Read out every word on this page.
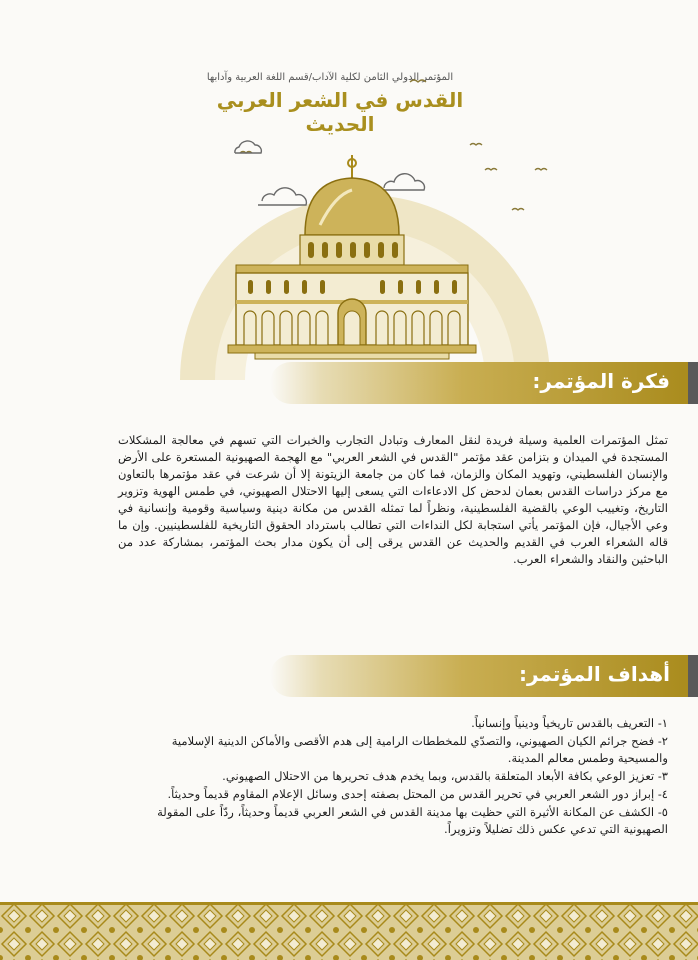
المؤتمر الدولي الثامن لكلية الآداب/قسم اللغة العربية وآدابها
القدس في الشعر العربي الحديث
فكرة المؤتمر:

تمثل المؤتمرات العلمية وسيلة فريدة لنقل المعارف وتبادل التجارب والخبرات التي تسهم في معالجة المشكلات المستجدة في الميدان و بتزامن عقد مؤتمر "القدس في الشعر العربي" مع الهجمة الصهيونية المستعرة على الأرض والإنسان الفلسطيني، وتهويد المكان والزمان، فما كان من جامعة الزيتونة إلا أن شرعت في عقد مؤتمرها بالتعاون مع مركز دراسات القدس بعمان لدحض كل الادعاءات التي يسعى إليها الاحتلال الصهيوني، في طمس الهوية وتزوير التاريخ، وتغييب الوعي بالقضية الفلسطينية، ونظراً لما تمثله القدس من مكانة دينية وسياسية وقومية وإنسانية في وعي الأجيال، فإن المؤتمر يأتي استجابة لكل النداءات التي تطالب باسترداد الحقوق التاريخية للفلسطينيين. وإن ما قاله الشعراء العرب في القديم والحديث عن القدس يرقى إلى أن يكون مدار بحث المؤتمر، بمشاركة عدد من الباحثين والنقاد والشعراء العرب.

أهداف المؤتمر:
١- التعريف بالقدس تاريخياً ودينياً وإنسانياً.
٢- فضح جرائم الكيان الصهيوني، والتصدّي للمخططات الرامية إلى هدم الأقصى والأماكن الدينية الإسلامية والمسيحية وطمس معالم المدينة.
٣- تعزيز الوعي بكافة الأبعاد المتعلقة بالقدس، وبما يخدم هدف تحريرها من الاحتلال الصهيوني.
٤- إبراز دور الشعر العربي في تحرير القدس من المحتل بصفته إحدى وسائل الإعلام المقاوم قديماً وحديثاً.
٥- الكشف عن المكانة الأثيرة التي حظيت بها مدينة القدس في الشعر العربي قديماً وحديثاً، ردّاً على المقولة الصهيونية التي تدعي عكس ذلك تضليلاً وتزويراً.
